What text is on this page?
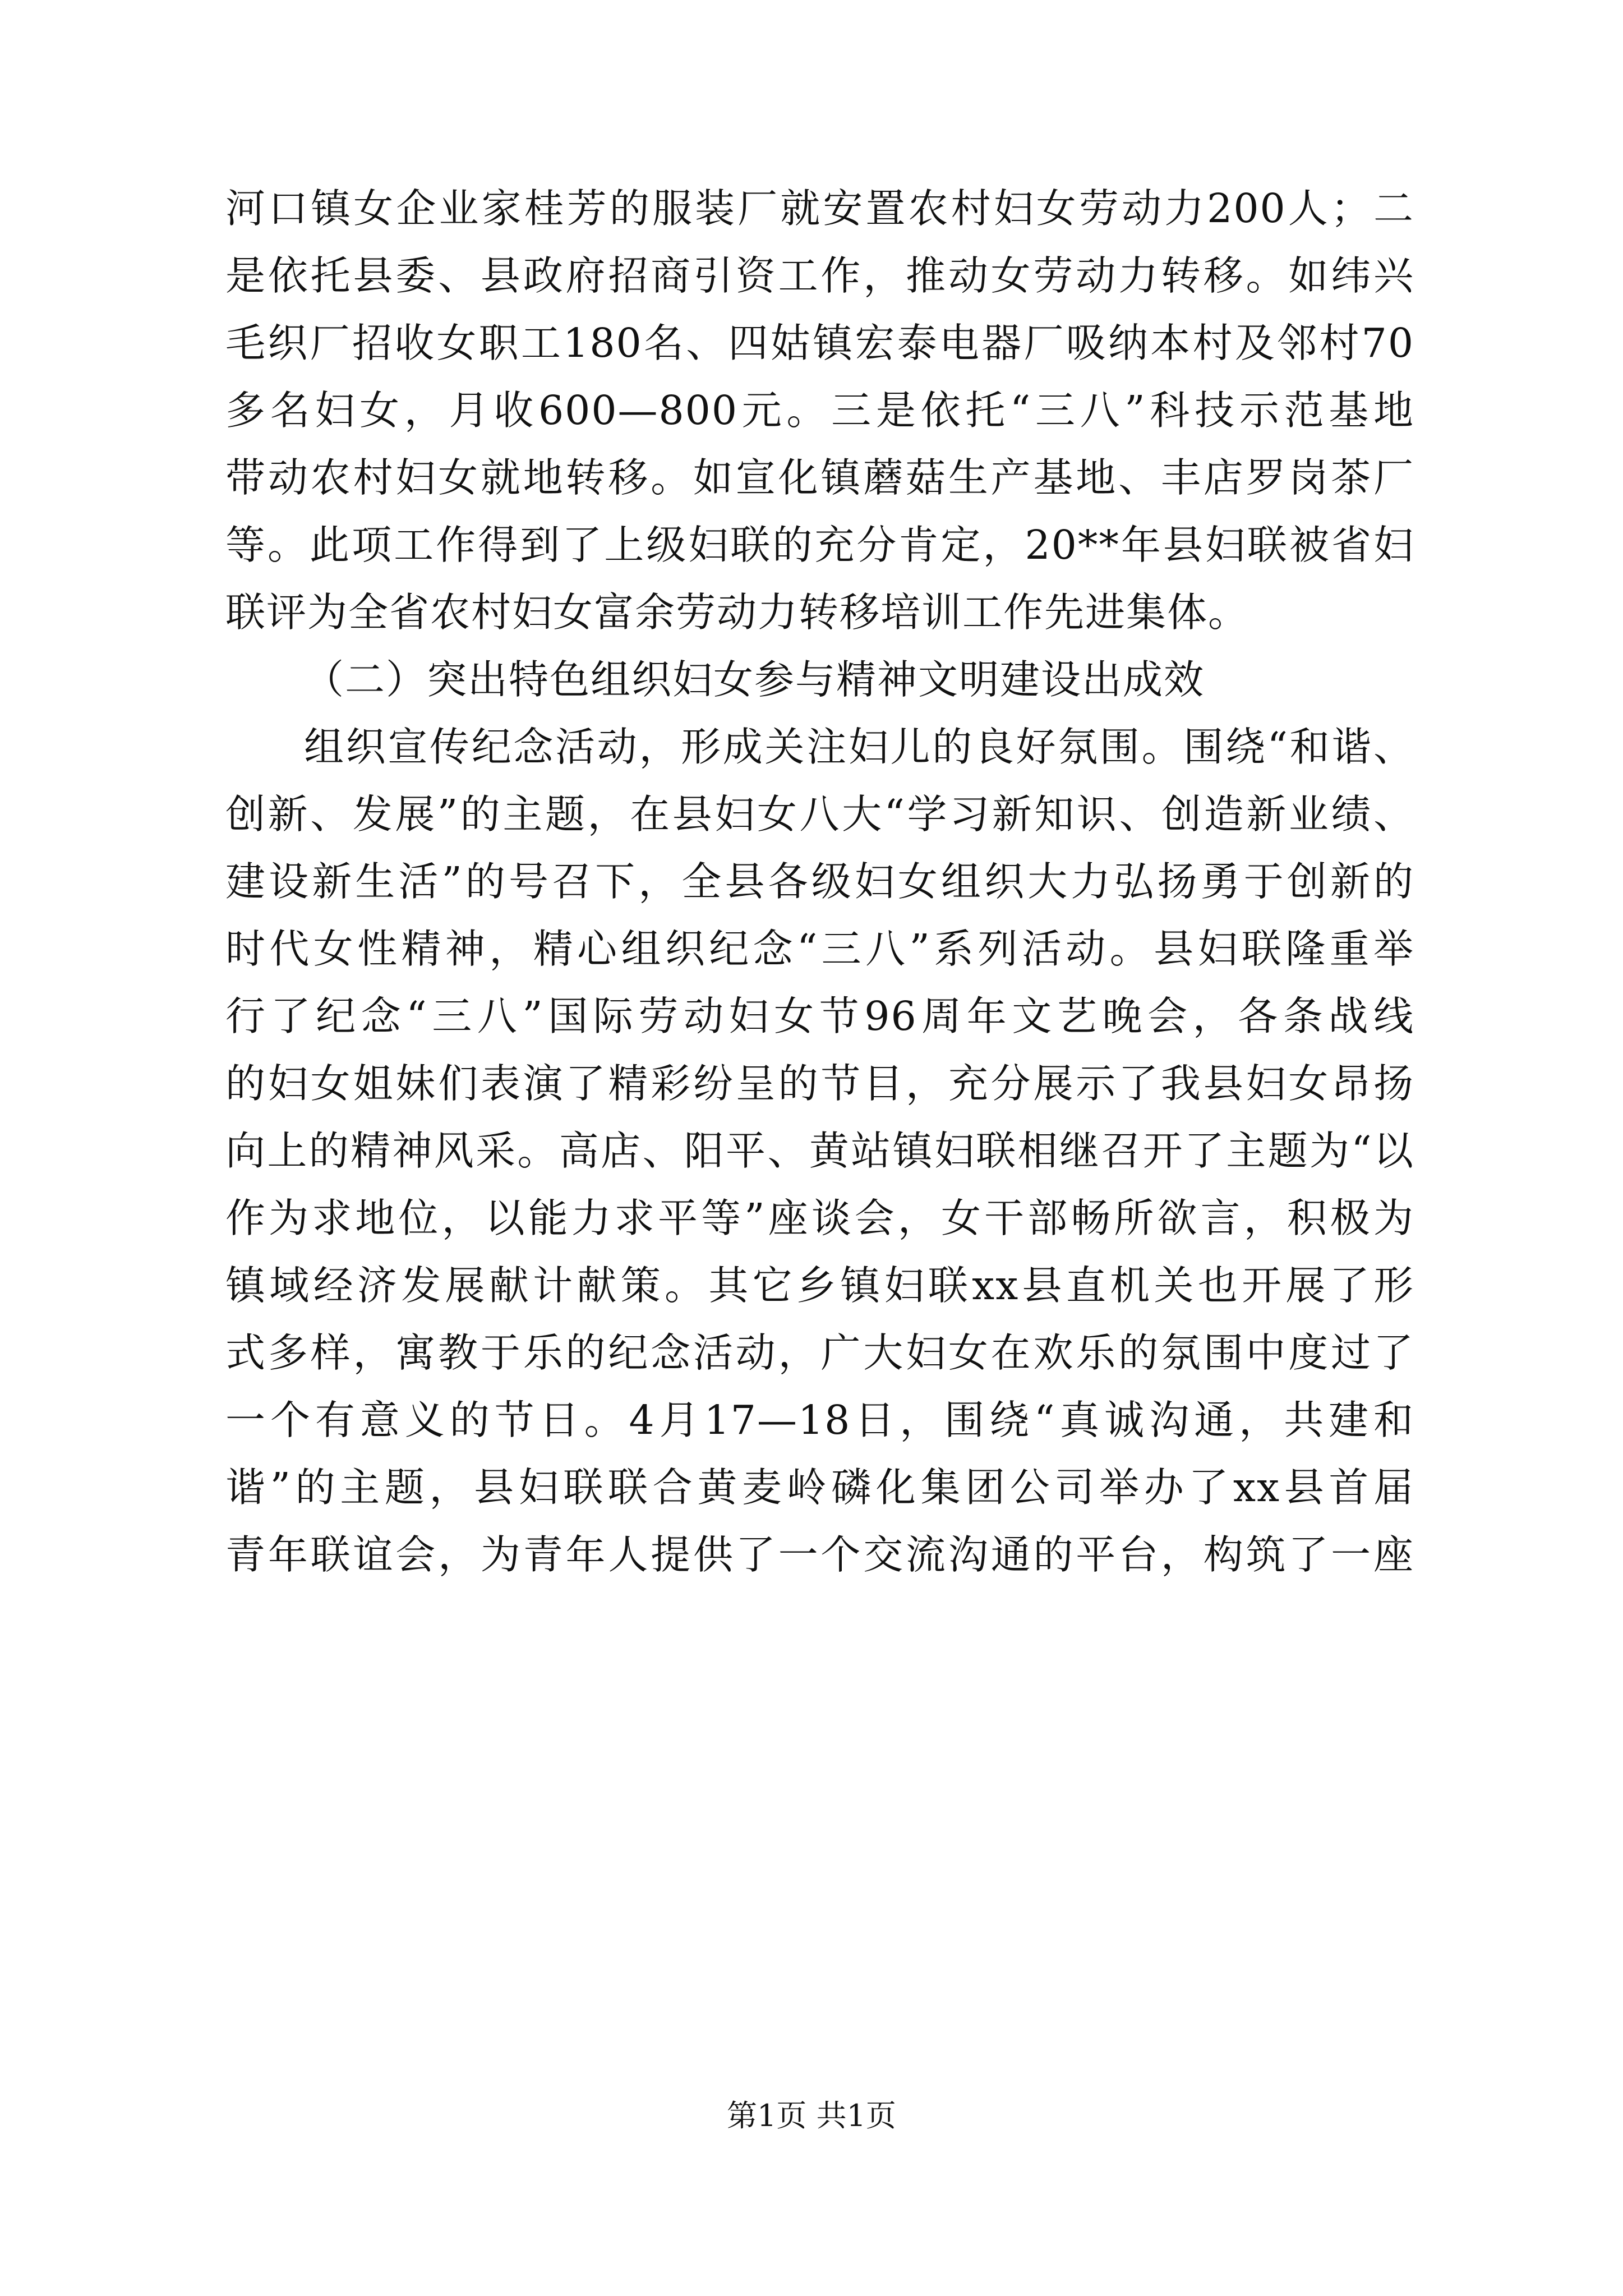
河口镇女企业家桂芳的服装厂就安置农村妇女劳动力200人；二
是依托县委、县政府招商引资工作，推动女劳动力转移。如纬兴
毛织厂招收女职工180名、四姑镇宏泰电器厂吸纳本村及邻村70
多名妇女，月收600—800元。三是依托“三八”科技示范基地
带动农村妇女就地转移。如宣化镇蘑菇生产基地、丰店罗岗茶厂
等。此项工作得到了上级妇联的充分肯定，20**年县妇联被省妇
联评为全省农村妇女富余劳动力转移培训工作先进集体。
（二）突出特色组织妇女参与精神文明建设出成效
组织宣传纪念活动，形成关注妇儿的良好氛围。围绕“和谐、
创新、发展”的主题，在县妇女八大“学习新知识、创造新业绩、
建设新生活”的号召下，全县各级妇女组织大力弘扬勇于创新的
时代女性精神，精心组织纪念“三八”系列活动。县妇联隆重举
行了纪念“三八”国际劳动妇女节96周年文艺晚会，各条战线
的妇女姐妹们表演了精彩纷呈的节目，充分展示了我县妇女昂扬
向上的精神风采。高店、阳平、黄站镇妇联相继召开了主题为“以
作为求地位，以能力求平等”座谈会，女干部畅所欲言，积极为
镇域经济发展献计献策。其它乡镇妇联xx县直机关也开展了形
式多样，寓教于乐的纪念活动，广大妇女在欢乐的氛围中度过了
一个有意义的节日。4月17—18日，围绕“真诚沟通，共建和
谐”的主题，县妇联联合黄麦岭磷化集团公司举办了xx县首届
青年联谊会，为青年人提供了一个交流沟通的平台，构筑了一座
第1页 共1页
